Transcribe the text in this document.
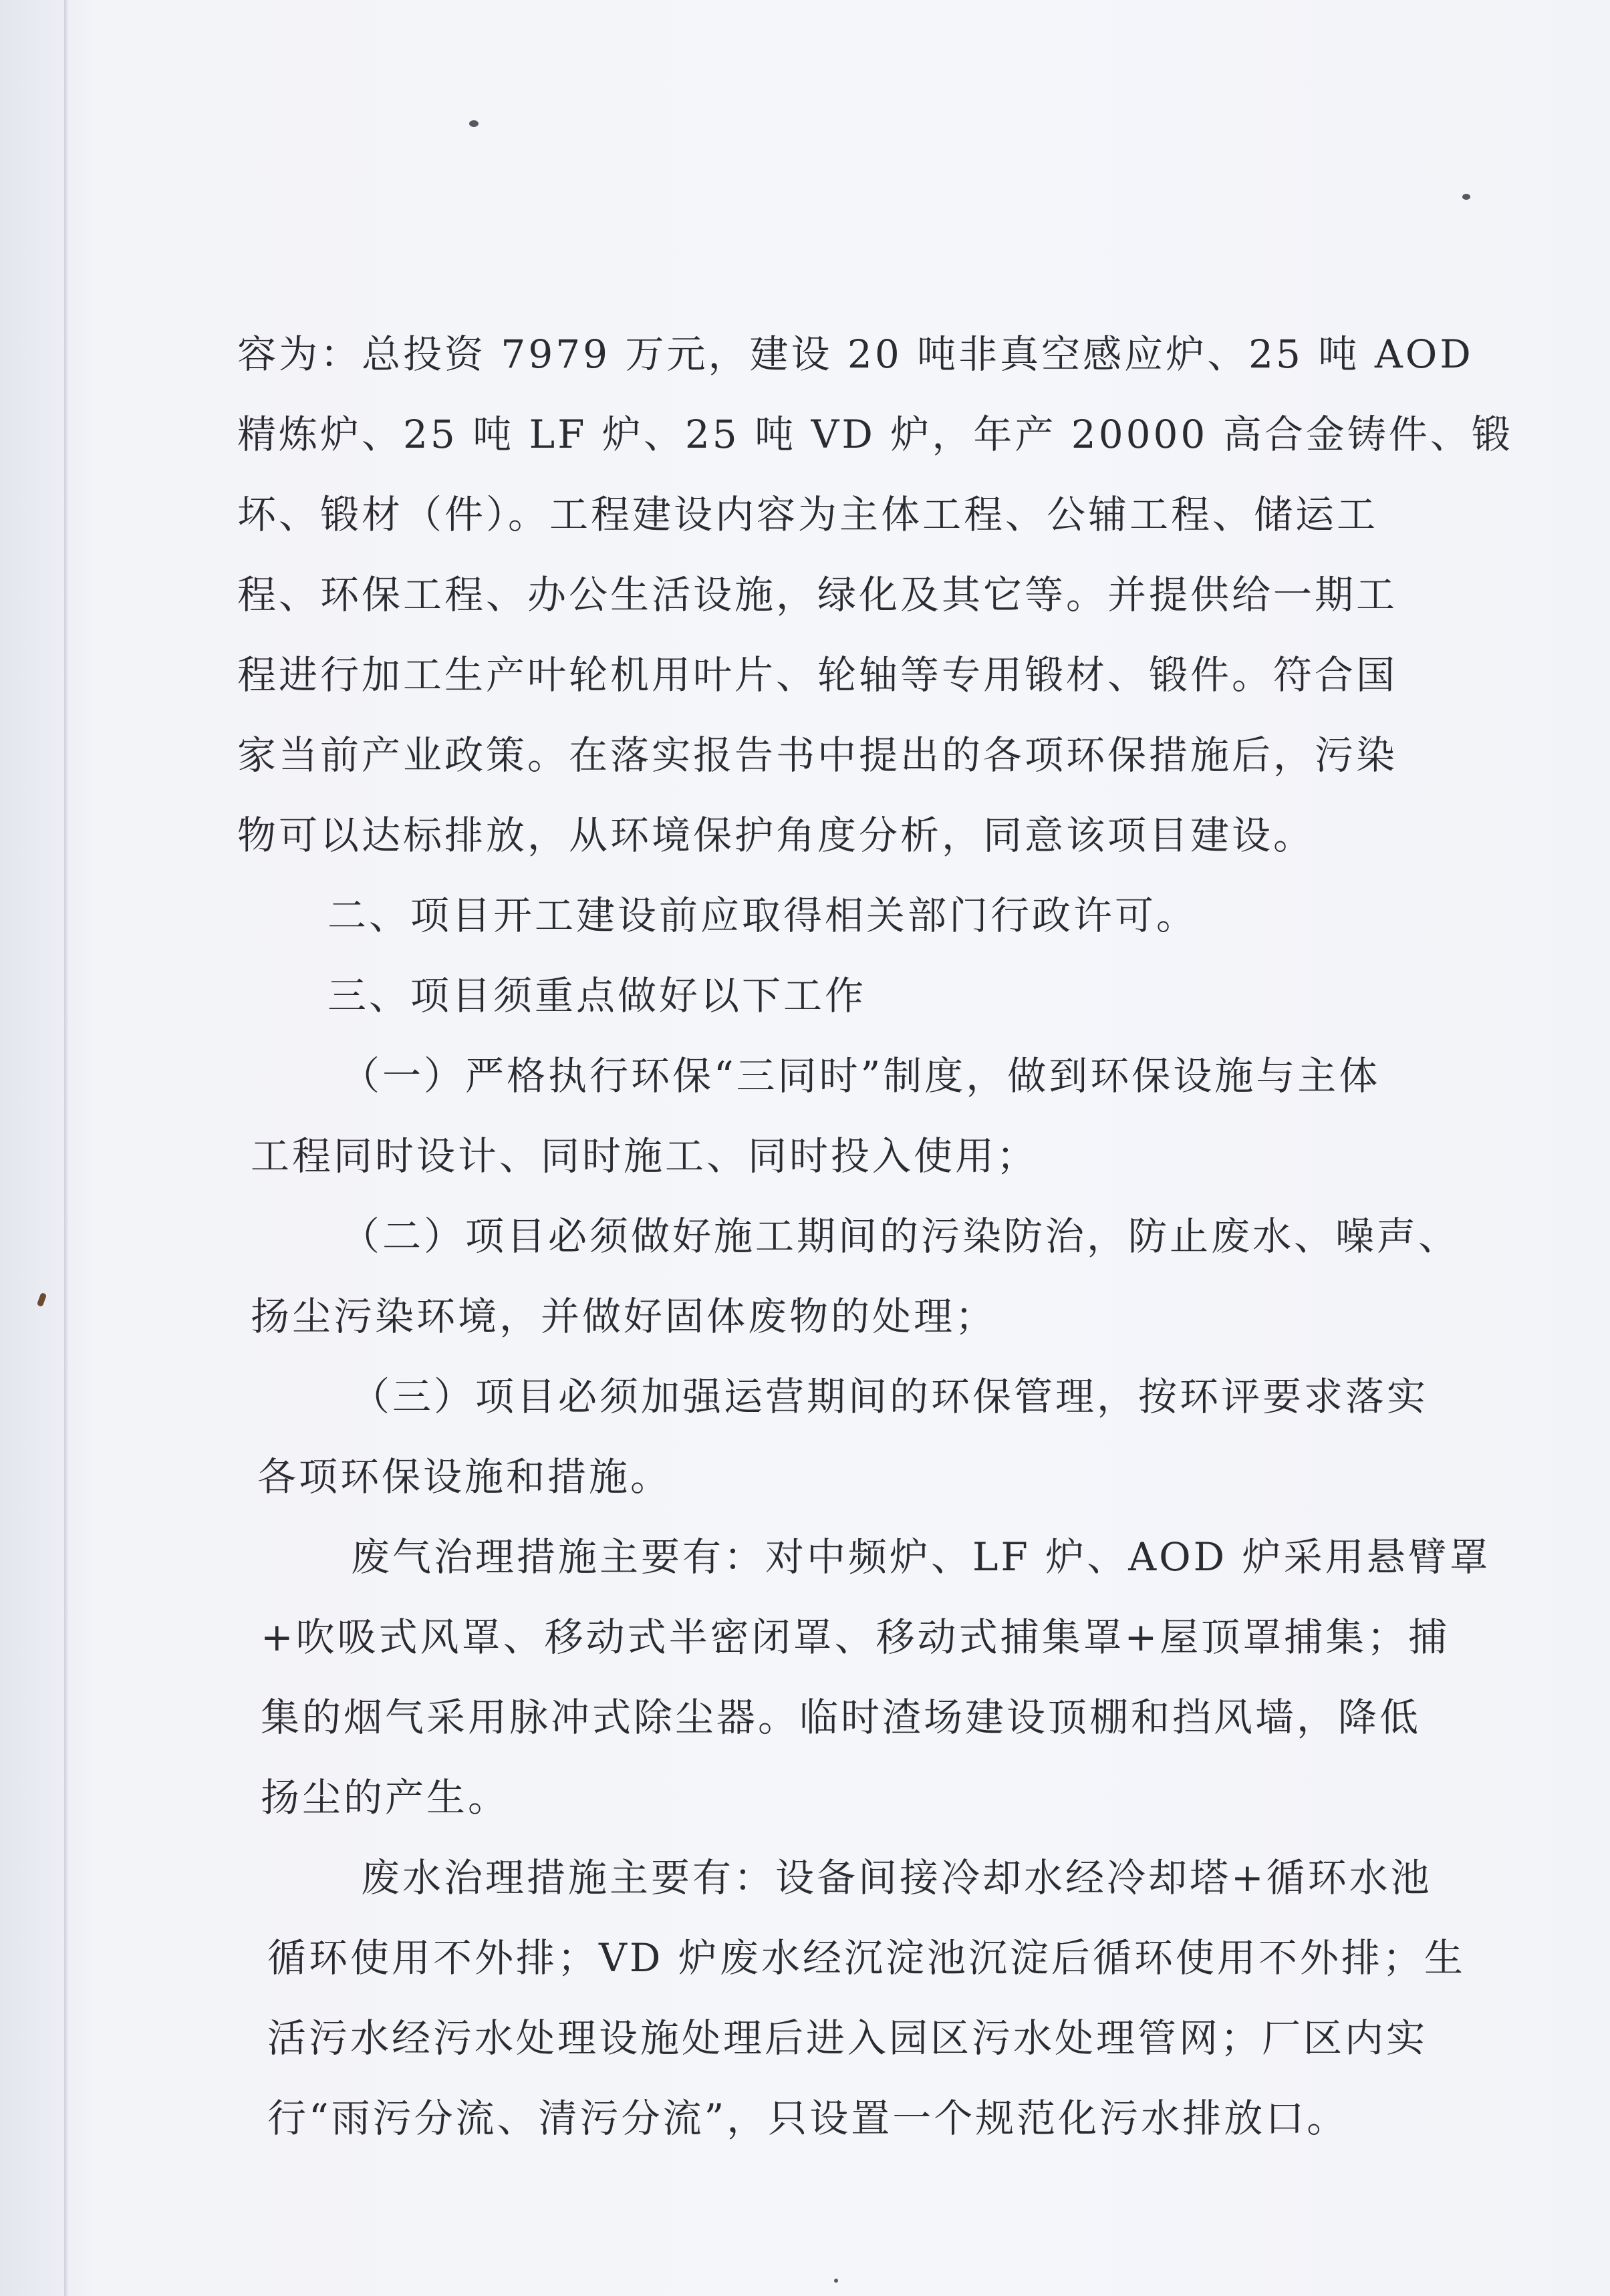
容为：总投资 7979 万元，建设 20 吨非真空感应炉、25 吨 AOD
精炼炉、25 吨 LF 炉、25 吨 VD 炉，年产 20000 高合金铸件、锻
坏、锻材（件）。工程建设内容为主体工程、公辅工程、储运工
程、环保工程、办公生活设施，绿化及其它等。并提供给一期工
程进行加工生产叶轮机用叶片、轮轴等专用锻材、锻件。符合国
家当前产业政策。在落实报告书中提出的各项环保措施后，污染
物可以达标排放，从环境保护角度分析，同意该项目建设。
二、项目开工建设前应取得相关部门行政许可。
三、项目须重点做好以下工作
（一）严格执行环保“三同时”制度，做到环保设施与主体
工程同时设计、同时施工、同时投入使用；
（二）项目必须做好施工期间的污染防治，防止废水、噪声、
扬尘污染环境，并做好固体废物的处理；
（三）项目必须加强运营期间的环保管理，按环评要求落实
各项环保设施和措施。
废气治理措施主要有：对中频炉、LF 炉、AOD 炉采用悬臂罩
+吹吸式风罩、移动式半密闭罩、移动式捕集罩+屋顶罩捕集；捕
集的烟气采用脉冲式除尘器。临时渣场建设顶棚和挡风墙，降低
扬尘的产生。
废水治理措施主要有：设备间接冷却水经冷却塔+循环水池
循环使用不外排；VD 炉废水经沉淀池沉淀后循环使用不外排；生
活污水经污水处理设施处理后进入园区污水处理管网；厂区内实
行“雨污分流、清污分流”，只设置一个规范化污水排放口。
